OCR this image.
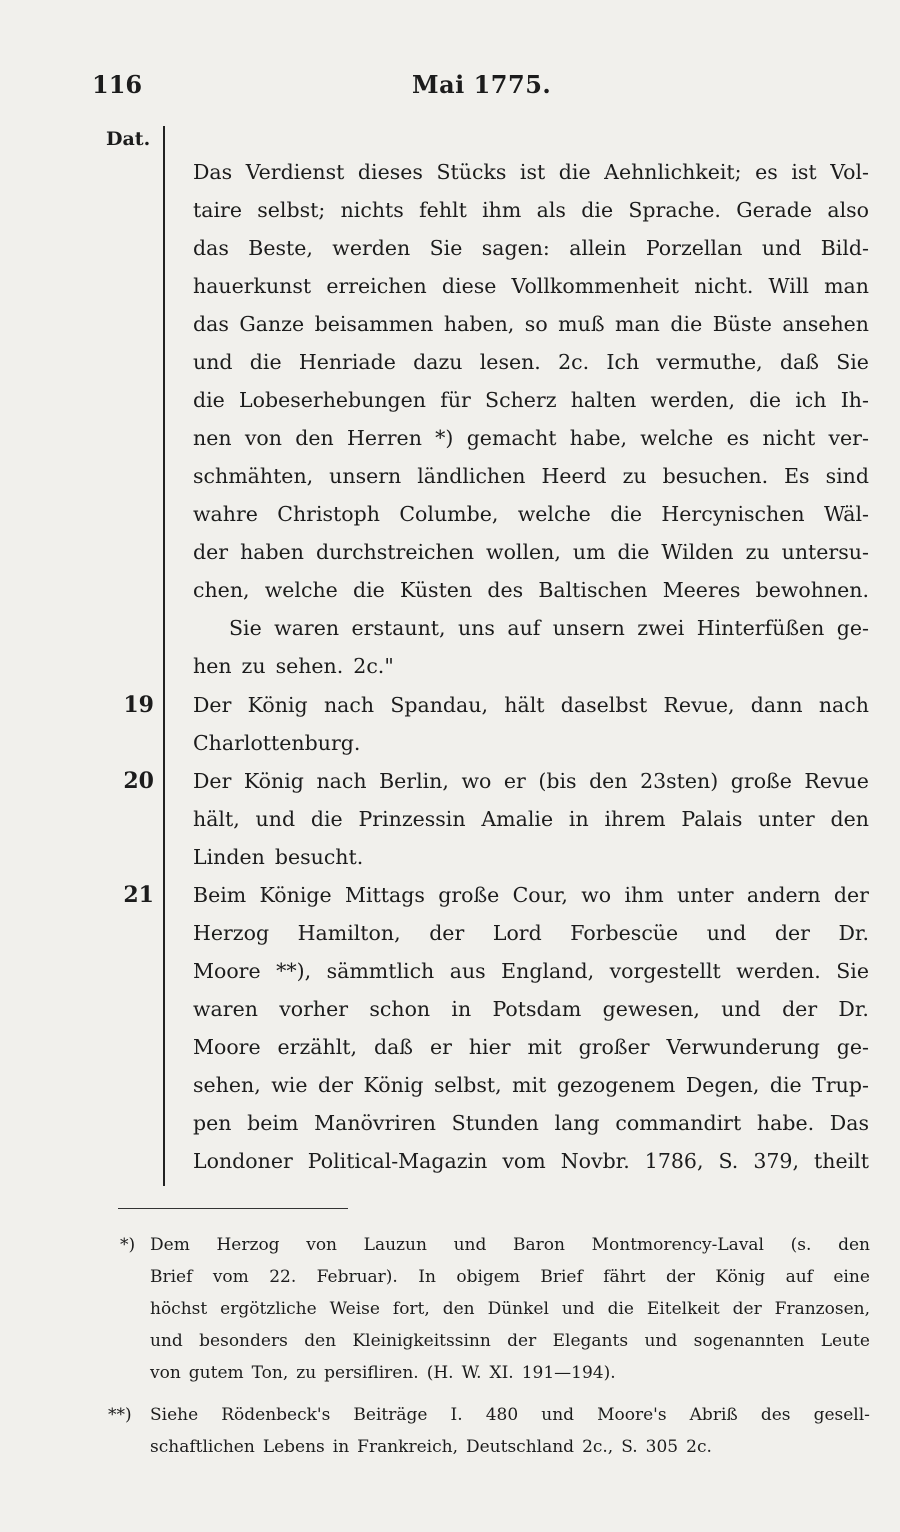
116	Mai 1775.
Dat.
19
20
21
Das Verdienst dieses Stücks ist die Aehnlichkeit; es ist Vol-
taire selbst; nichts fehlt ihm als die Sprache. Gerade also
das Beste, werden Sie sagen: allein Porzellan und Bild-
hauerkunst erreichen diese Vollkommenheit nicht. Will man
das Ganze beisammen haben, so muß man die Büste ansehen
und die Henriade dazu lesen. 2c. Ich vermuthe, daß Sie
die Lobeserhebungen für Scherz halten werden, die ich Ih-
nen von den Herren *) gemacht habe, welche es nicht ver-
schmähten, unsern ländlichen Heerd zu besuchen. Es sind
wahre Christoph Columbe, welche die Hercynischen Wäl-
der haben durchstreichen wollen, um die Wilden zu untersu-
chen, welche die Küsten des Baltischen Meeres bewohnen.
Sie waren erstaunt, uns auf unsern zwei Hinterfüßen ge-
hen zu sehen. 2c."
Der König nach Spandau, hält daselbst Revue, dann nach
Charlottenburg.
Der König nach Berlin, wo er (bis den 23sten) große Revue
hält, und die Prinzessin Amalie in ihrem Palais unter den
Linden besucht.
Beim Könige Mittags große Cour, wo ihm unter andern der
Herzog Hamilton, der Lord Forbescüe und der Dr.
Moore **), sämmtlich aus England, vorgestellt werden. Sie
waren vorher schon in Potsdam gewesen, und der Dr.
Moore erzählt, daß er hier mit großer Verwunderung ge-
sehen, wie der König selbst, mit gezogenem Degen, die Trup-
pen beim Manövriren Stunden lang commandirt habe. Das
Londoner Political-Magazin vom Novbr. 1786, S. 379, theilt
*) Dem Herzog von Lauzun und Baron Montmorency-Laval (s. den
Brief vom 22. Februar). In obigem Brief fährt der König auf eine
höchst ergötzliche Weise fort, den Dünkel und die Eitelkeit der Franzosen,
und besonders den Kleinigkeitssinn der Elegants und sogenannten Leute
von gutem Ton, zu persifliren. (H. W. XI. 191—194).
**) Siehe Rödenbeck's Beiträge I. 480 und Moore's Abriß des gesell-
schaftlichen Lebens in Frankreich, Deutschland 2c., S. 305 2c.
